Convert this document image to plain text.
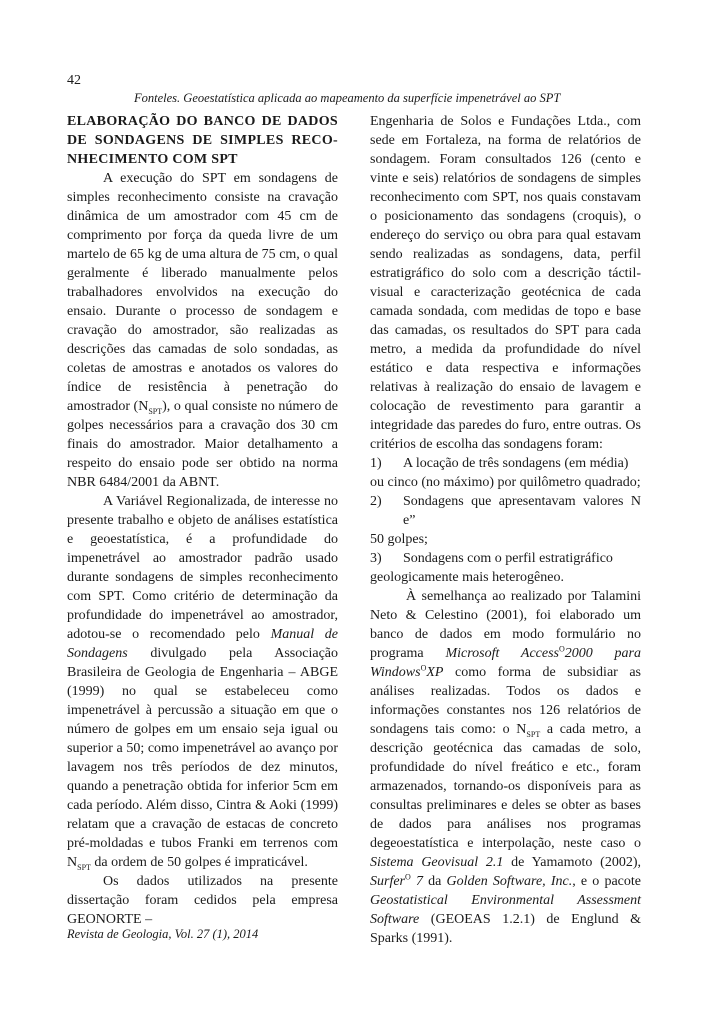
42
Fonteles. Geoestatística aplicada ao mapeamento da superfície impenetrável ao SPT

ELABORAÇÃO DO BANCO DE DADOS DE SONDAGENS DE SIMPLES RECO-NHECIMENTO COM SPT

A execução do SPT em sondagens de simples reconhecimento consiste na cravação dinâmica de um amostrador com 45 cm de comprimento por força da queda livre de um martelo de 65 kg de uma altura de 75 cm, o qual geralmente é liberado manualmente pelos trabalhadores envolvidos na execução do ensaio. Durante o processo de sondagem e cravação do amostrador, são realizadas as descrições das camadas de solo sondadas, as coletas de amostras e anotados os valores do índice de resistência à penetração do amostrador $(N_{SPT})$, o qual consiste no número de golpes necessários para a cravação dos 30 cm finais do amostrador. Maior detalhamento a respeito do ensaio pode ser obtido na norma NBR 6484/2001 da ABNT.

A Variável Regionalizada, de interesse no presente trabalho e objeto de análises estatística e geoestatística, é a profundidade do impenetrável ao amostrador padrão usado durante sondagens de simples reconhecimento com SPT. Como critério de determinação da profundidade do impenetrável ao amostrador, adotou-se o recomendado pelo Manual de Sondagens divulgado pela Associação Brasileira de Geologia de Engenharia – ABGE (1999) no qual se estabeleceu como impenetrável à percussão a situação em que o número de golpes em um ensaio seja igual ou superior a 50; como impenetrável ao avanço por lavagem nos três períodos de dez minutos, quando a penetração obtida for inferior 5cm em cada período. Além disso, Cintra & Aoki (1999) relatam que a cravação de estacas de concreto pré-moldadas e tubos Franki em terrenos com $N_{SPT}$ da ordem de 50 golpes é impraticável.

Os dados utilizados na presente dissertação foram cedidos pela empresa GEONORTE –

Engenharia de Solos e Fundações Ltda., com sede em Fortaleza, na forma de relatórios de sondagem. Foram consultados 126 (cento e vinte e seis) relatórios de sondagens de simples reconhecimento com SPT, nos quais constavam o posicionamento das sondagens (croquis), o endereço do serviço ou obra para qual estavam sendo realizadas as sondagens, data, perfil estratigráfico do solo com a descrição táctil-visual e caracterização geotécnica de cada camada sondada, com medidas de topo e base das camadas, os resultados do SPT para cada metro, a medida da profundidade do nível estático e data respectiva e informações relativas à realização do ensaio de lavagem e colocação de revestimento para garantir a integridade das paredes do furo, entre outras. Os critérios de escolha das sondagens foram:

1)	A locação de três sondagens (em média)

ou cinco (no máximo) por quilômetro quadrado;

2)	Sondagens que apresentavam valores N e”

50 golpes;

3)	Sondagens com o perfil estratigráfico

geologicamente mais heterogêneo.

À semelhança ao realizado por Talamini Neto & Celestino (2001), foi elaborado um banco de dados em modo formulário no programa Microsoft Access$^O$2000 para Windows$^O$XP como forma de subsidiar as análises realizadas. Todos os dados e informações constantes nos 126 relatórios de sondagens tais como: o $N_{SPT}$ a cada metro, a descrição geotécnica das camadas de solo, profundidade do nível freático e etc., foram armazenados, tornando-os disponíveis para as consultas preliminares e deles se obter as bases de dados para análises nos programas degeoestatística e interpolação, neste caso o Sistema Geovisual 2.1 de Yamamoto (2002), Surfer$^O$ 7 da Golden Software, Inc., e o pacote Geostatistical Environmental Assessment Software (GEOEAS 1.2.1) de Englund & Sparks (1991).

Revista de Geologia, Vol. 27 (1), 2014
